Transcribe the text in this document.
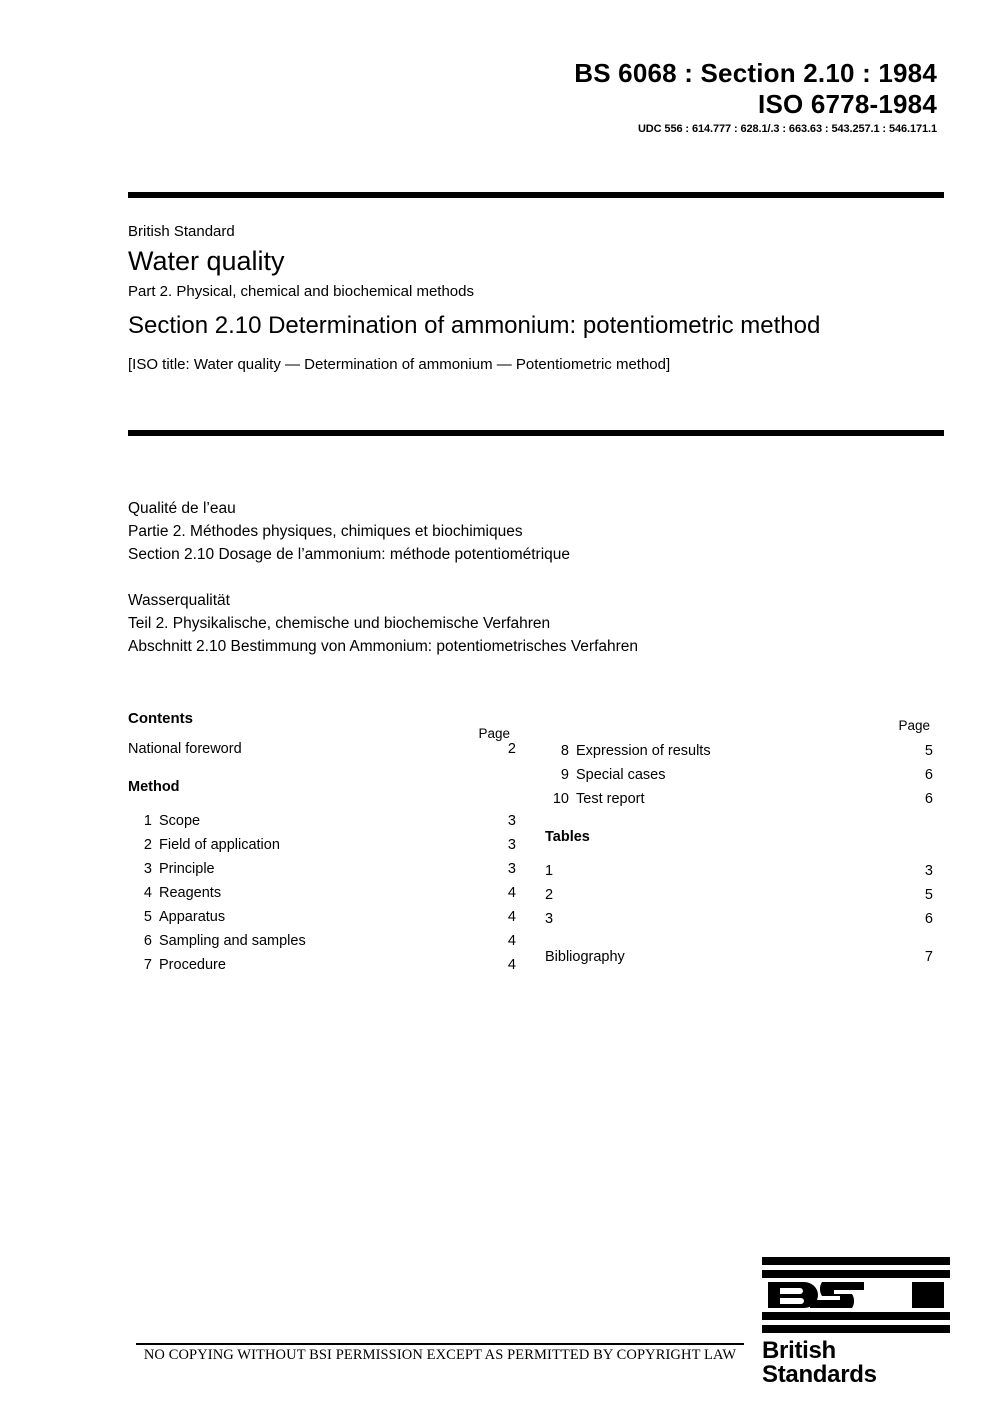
BS 6068 : Section 2.10 : 1984
ISO 6778-1984
UDC 556 : 614.777 : 628.1/.3 : 663.63 : 543.257.1 : 546.171.1
British Standard
Water quality
Part 2. Physical, chemical and biochemical methods
Section 2.10 Determination of ammonium: potentiometric method
[ISO title: Water quality — Determination of ammonium — Potentiometric method]
Qualité de l’eau
Partie 2. Méthodes physiques, chimiques et biochimiques
Section 2.10 Dosage de l’ammonium: méthode potentiométrique
Wasserqualität
Teil 2. Physikalische, chemische und biochemische Verfahren
Abschnitt 2.10 Bestimmung von Ammonium: potentiometrisches Verfahren
Contents
Page
Page
National foreword	2
Method
1 Scope	3
2 Field of application	3
3 Principle	3
4 Reagents	4
5 Apparatus	4
6 Sampling and samples	4
7 Procedure	4
8 Expression of results	5
9 Special cases	6
10 Test report	6
Tables
1	3
2	5
3	6
Bibliography	7
NO COPYING WITHOUT BSI PERMISSION EXCEPT AS PERMITTED BY COPYRIGHT LAW	British Standards
